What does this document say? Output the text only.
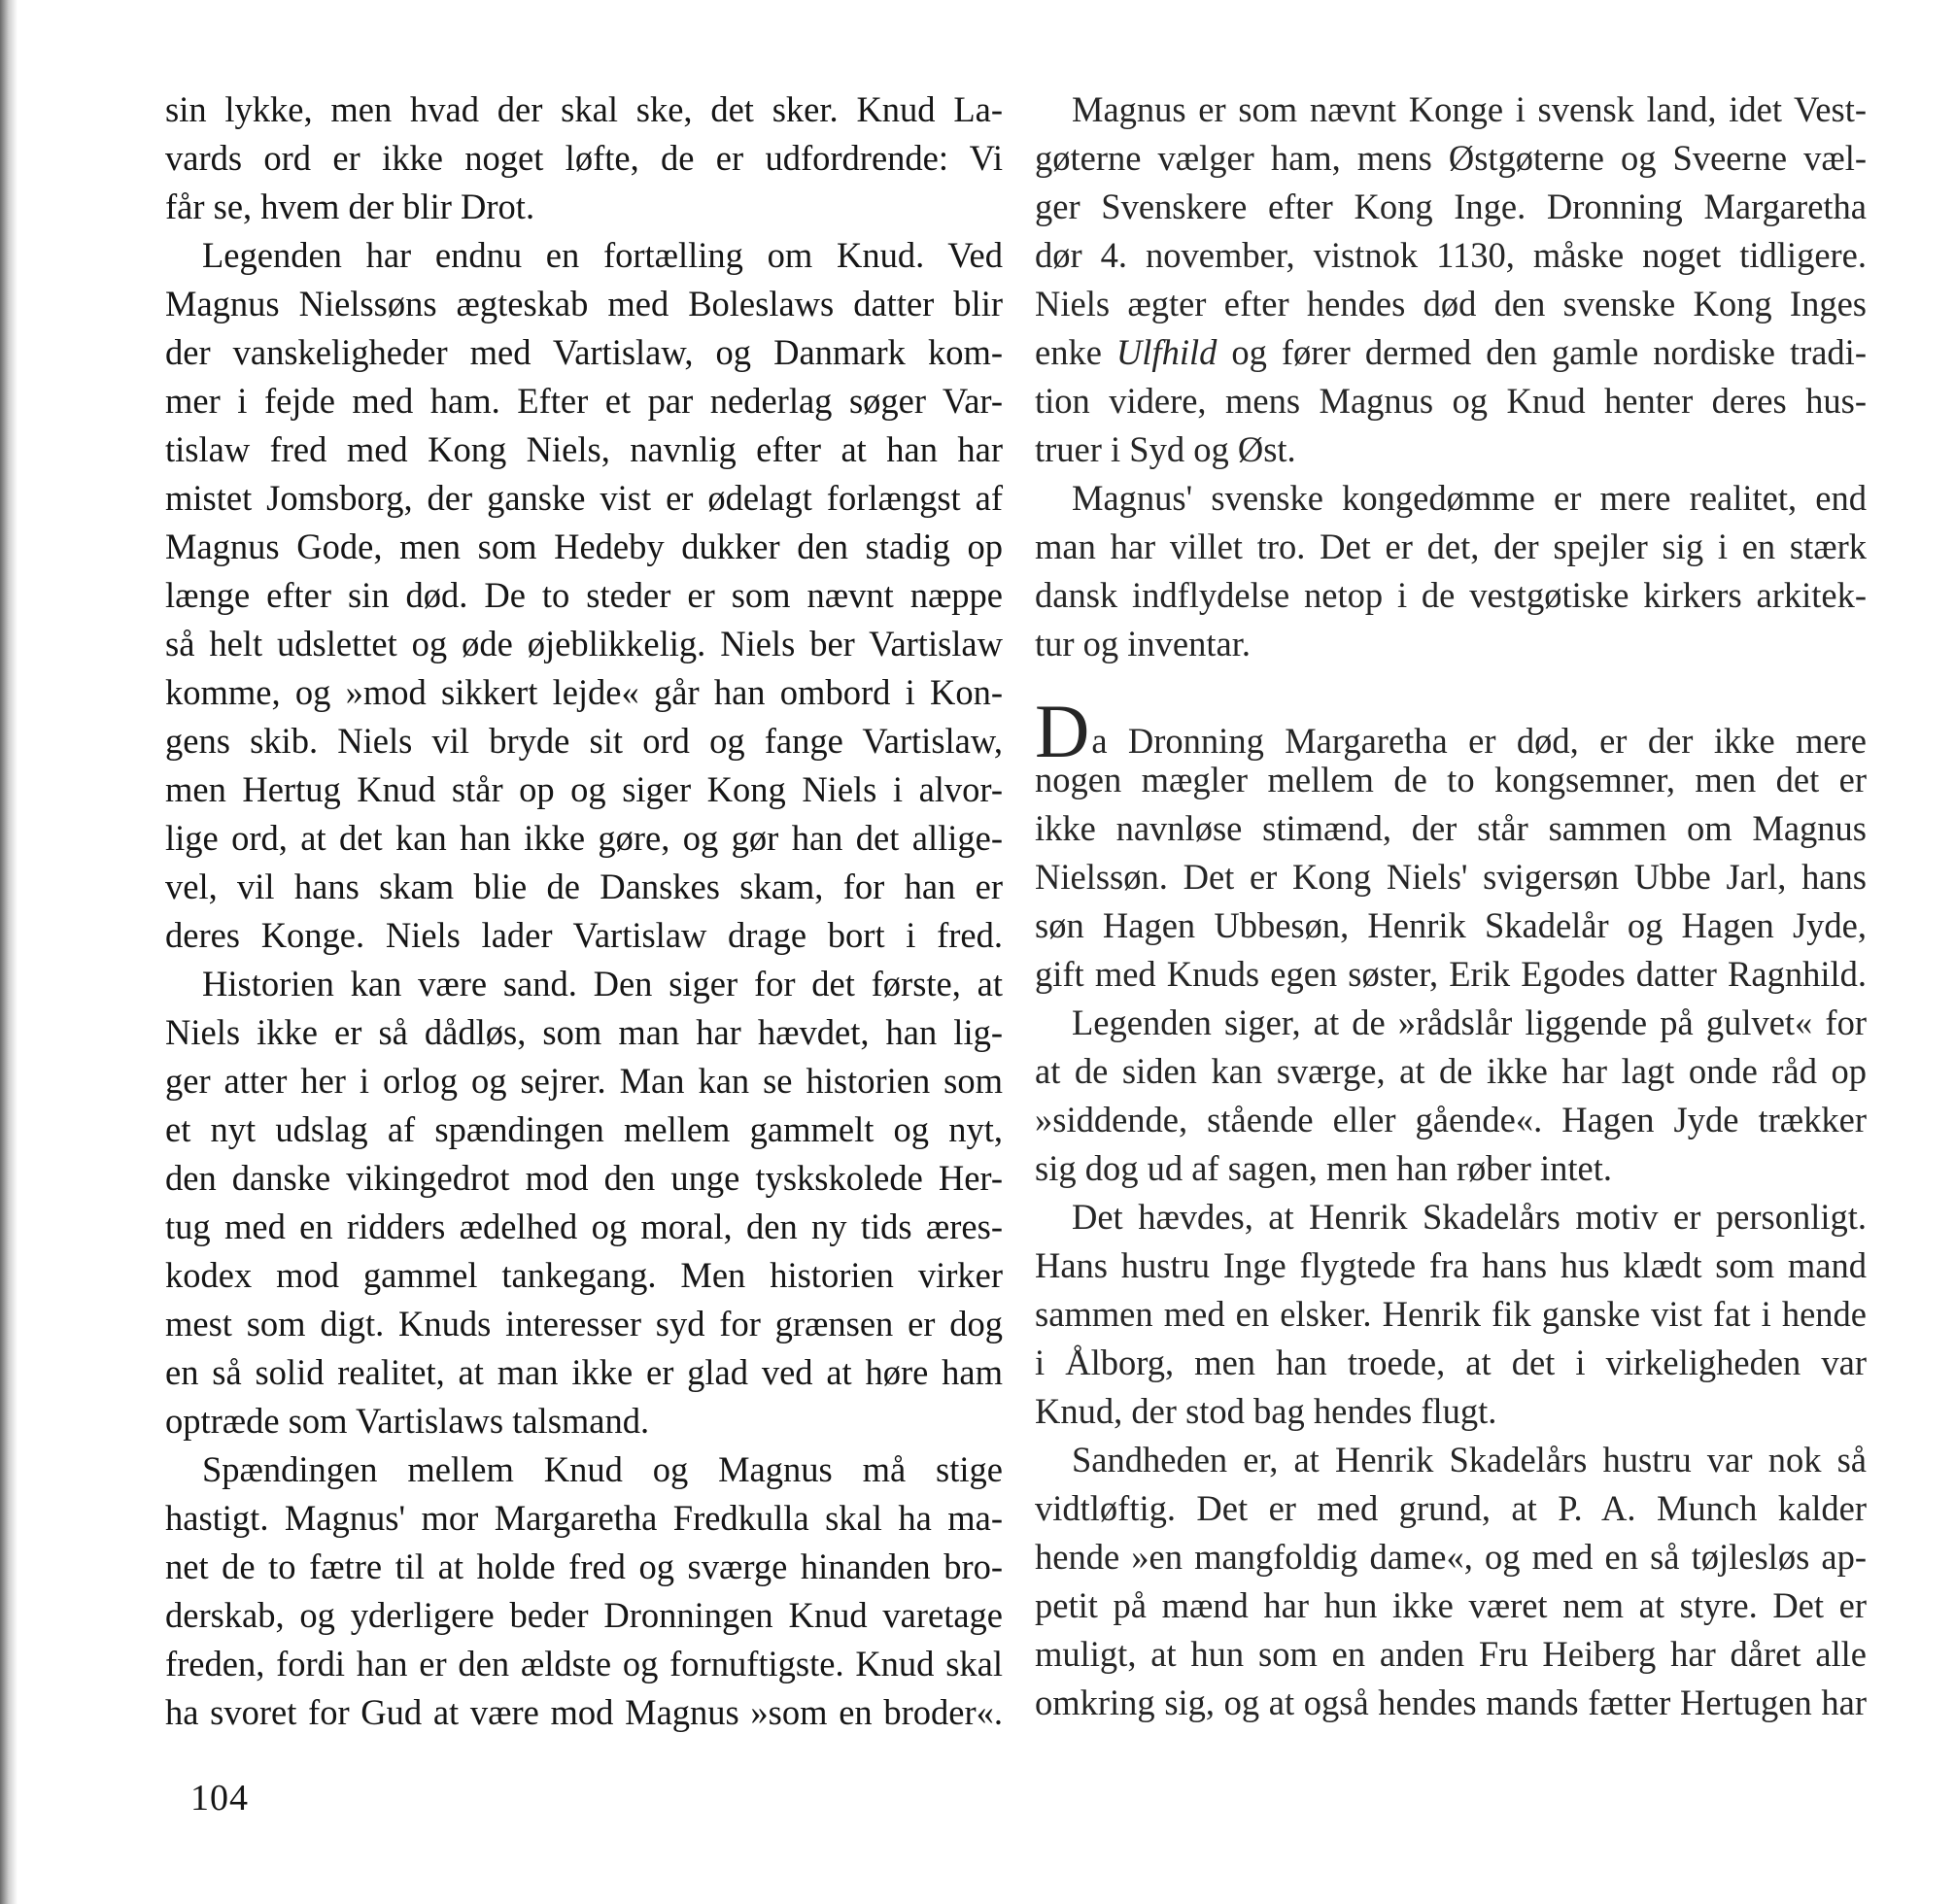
sin lykke, men hvad der skal ske, det sker. Knud La-
vards ord er ikke noget løfte, de er udfordrende: Vi
får se, hvem der blir Drot.
Legenden har endnu en fortælling om Knud. Ved
Magnus Nielssøns ægteskab med Boleslaws datter blir
der vanskeligheder med Vartislaw, og Danmark kom-
mer i fejde med ham. Efter et par nederlag søger Var-
tislaw fred med Kong Niels, navnlig efter at han har
mistet Jomsborg, der ganske vist er ødelagt forlængst af
Magnus Gode, men som Hedeby dukker den stadig op
længe efter sin død. De to steder er som nævnt næppe
så helt udslettet og øde øjeblikkelig. Niels ber Vartislaw
komme, og »mod sikkert lejde« går han ombord i Kon-
gens skib. Niels vil bryde sit ord og fange Vartislaw,
men Hertug Knud står op og siger Kong Niels i alvor-
lige ord, at det kan han ikke gøre, og gør han det allige-
vel, vil hans skam blie de Danskes skam, for han er
deres Konge. Niels lader Vartislaw drage bort i fred.
Historien kan være sand. Den siger for det første, at
Niels ikke er så dådløs, som man har hævdet, han lig-
ger atter her i orlog og sejrer. Man kan se historien som
et nyt udslag af spændingen mellem gammelt og nyt,
den danske vikingedrot mod den unge tyskskolede Her-
tug med en ridders ædelhed og moral, den ny tids æres-
kodex mod gammel tankegang. Men historien virker
mest som digt. Knuds interesser syd for grænsen er dog
en så solid realitet, at man ikke er glad ved at høre ham
optræde som Vartislaws talsmand.
Spændingen mellem Knud og Magnus må stige
hastigt. Magnus' mor Margaretha Fredkulla skal ha ma-
net de to fætre til at holde fred og sværge hinanden bro-
derskab, og yderligere beder Dronningen Knud varetage
freden, fordi han er den ældste og fornuftigste. Knud skal
ha svoret for Gud at være mod Magnus »som en broder«.
Magnus er som nævnt Konge i svensk land, idet Vest-
gøterne vælger ham, mens Østgøterne og Sveerne væl-
ger Svenskere efter Kong Inge. Dronning Margaretha
dør 4. november, vistnok 1130, måske noget tidligere.
Niels ægter efter hendes død den svenske Kong Inges
enke Ulfhild og fører dermed den gamle nordiske tradi-
tion videre, mens Magnus og Knud henter deres hus-
truer i Syd og Øst.
Magnus' svenske kongedømme er mere realitet, end
man har villet tro. Det er det, der spejler sig i en stærk
dansk indflydelse netop i de vestgøtiske kirkers arkitek-
tur og inventar.
Da Dronning Margaretha er død, er der ikke mere
nogen mægler mellem de to kongsemner, men det er
ikke navnløse stimænd, der står sammen om Magnus
Nielssøn. Det er Kong Niels' svigersøn Ubbe Jarl, hans
søn Hagen Ubbesøn, Henrik Skadelår og Hagen Jyde,
gift med Knuds egen søster, Erik Egodes datter Ragnhild.
Legenden siger, at de »rådslår liggende på gulvet« for
at de siden kan sværge, at de ikke har lagt onde råd op
»siddende, stående eller gående«. Hagen Jyde trækker
sig dog ud af sagen, men han røber intet.
Det hævdes, at Henrik Skadelårs motiv er personligt.
Hans hustru Inge flygtede fra hans hus klædt som mand
sammen med en elsker. Henrik fik ganske vist fat i hende
i Ålborg, men han troede, at det i virkeligheden var
Knud, der stod bag hendes flugt.
Sandheden er, at Henrik Skadelårs hustru var nok så
vidtløftig. Det er med grund, at P. A. Munch kalder
hende »en mangfoldig dame«, og med en så tøjlesløs ap-
petit på mænd har hun ikke været nem at styre. Det er
muligt, at hun som en anden Fru Heiberg har dåret alle
omkring sig, og at også hendes mands fætter Hertugen har
104
